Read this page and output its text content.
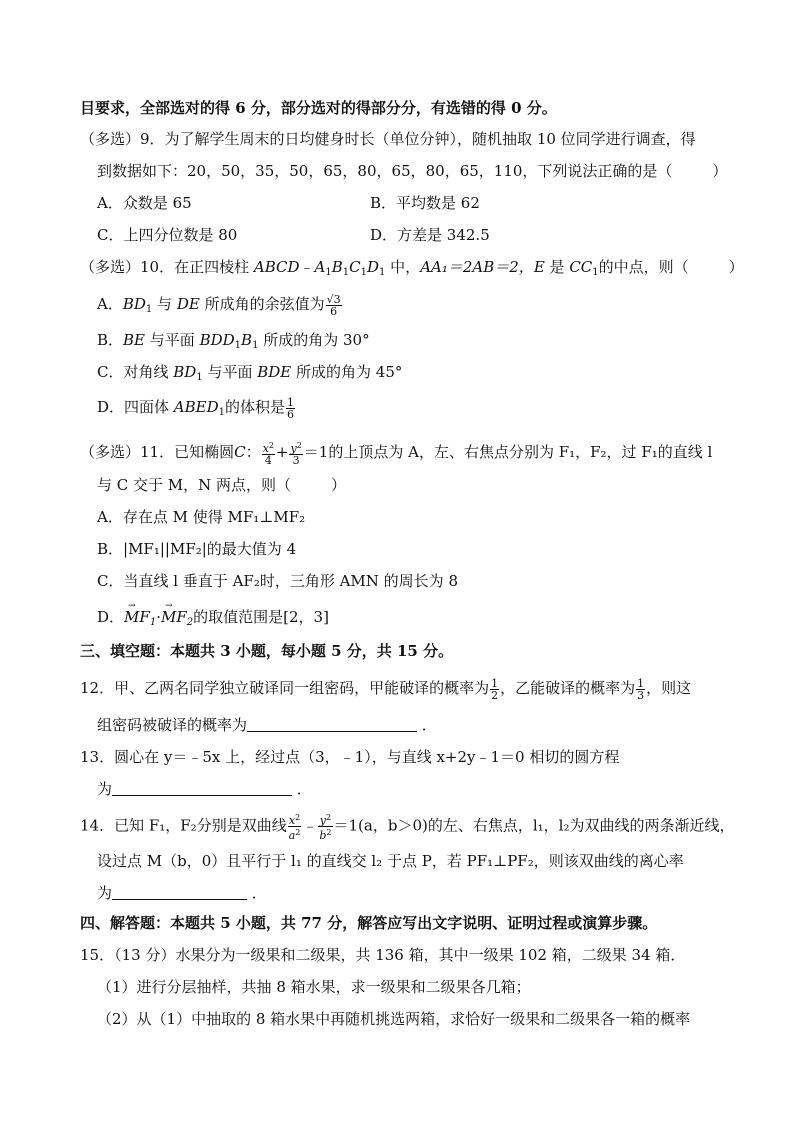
目要求，全部选对的得 6 分，部分选对的得部分分，有选错的得 0 分。
（多选）9．为了解学生周末的日均健身时长（单位分钟），随机抽取 10 位同学进行调查，得
到数据如下：20，50，35，50，65，80，65，80，65，110，下列说法正确的是（	）
A．众数是 65	B．平均数是 62
C．上四分位数是 80	D．方差是 342.5
（多选）10．在正四棱柱 $ABCD﹣A_1B_1C_1D_1$ 中，AA₁＝2AB＝2，E 是 $CC_1$的中点，则（	）
A．$BD_1$ 与 DE 所成角的余弦值为 $\frac{√3}{6}$
B．BE 与平面 $BDD_1B_1$ 所成的角为 30°
C．对角线 $BD_1$ 与平面 BDE 所成的角为 45°
D．四面体 $ABED_1$的体积是 $\frac{1}{6}$
（多选）11．已知椭圆C： $\frac{x^2}{4} + \frac{y^2}{3} =1$的上顶点为 A，左、右焦点分别为 F₁，F₂，过 F₁的直线 l
与 C 交于 M，N 两点，则（	）
A．存在点 M 使得 MF₁⊥MF₂
B．|MF₁||MF₂|的最大值为 4
C．当直线 l 垂直于 AF₂时，三角形 AMN 的周长为 8
D．→ $MF_1\cdot\to MF_2$的取值范围是[2，3]
三、填空题：本题共 3 小题，每小题 5 分，共 15 分。
12．甲、乙两名同学独立破译同一组密码，甲能破译的概率为 $\frac{1}{2}$ ，乙能破译的概率为 $\frac{1}{3}$ ，则这
组密码被破译的概率为	．
13．圆心在 y＝﹣5x 上，经过点（3，﹣1），与直线 x+2y﹣1＝0 相切的圆方程
为	．
14．已知 F₁，F₂分别是双曲线 $\frac{x^2}{a^2}$ ﹣ $\frac{y^2}{b^2} =1(a$，b＞0)的左、右焦点，l₁，l₂为双曲线的两条渐近线，
设过点 M（b，0）且平行于 l₁ 的直线交 l₂ 于点 P，若 PF₁⊥PF₂，则该双曲线的离心率
为	．
四、解答题：本题共 5 小题，共 77 分，解答应写出文字说明、证明过程或演算步骤。
15．（13 分）水果分为一级果和二级果，共 136 箱，其中一级果 102 箱，二级果 34 箱．
（1）进行分层抽样，共抽 8 箱水果，求一级果和二级果各几箱；
（2）从（1）中抽取的 8 箱水果中再随机挑选两箱，求恰好一级果和二级果各一箱的概率
